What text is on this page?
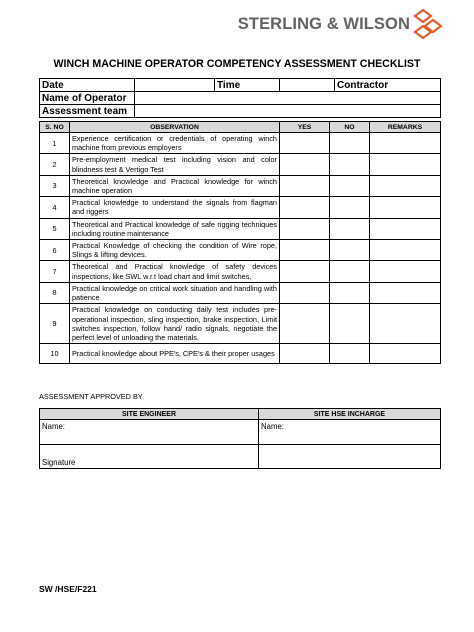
STERLING & WILSON
WINCH MACHINE OPERATOR COMPETENCY ASSESSMENT CHECKLIST
Date		Time		Contractor
Name of Operator				
Assessment team				
S. NO	OBSERVATION	YES	NO	REMARKS
1	Experience certification or credentials of operating winch machine from previous employers			
2	Pre-employment medical test including vision and color blindness test & Vertigo Test			
3	Theoretical knowledge and Practical knowledge for winch machine operation			
4	Practical knowledge to understand the signals from flagman and riggers			
5	Theoretical and Practical knowledge of safe rigging techniques including routine maintenance			
6	Practical Knowledge of checking the condition of Wire rope, Slings & lifting devices.			
7	Theoretical and Practical knowledge of safety devices inspections, like SWL w.r.t load chart and limit switches.			
8	Practical knowledge on critical work situation and handling with patience			
9	Practical knowledge on conducting daily test includes pre-operational inspection, sling inspection, brake inspection, Limit switches inspection, follow hand/ radio signals, negotiate the perfect level of unloading the materials.			
10	Practical knowledge about PPE's, CPE's & their proper usages			
ASSESSMENT APPROVED BY
SITE ENGINEER	SITE HSE INCHARGE
Name:	Name:
Signature	
SW /HSE/F221
